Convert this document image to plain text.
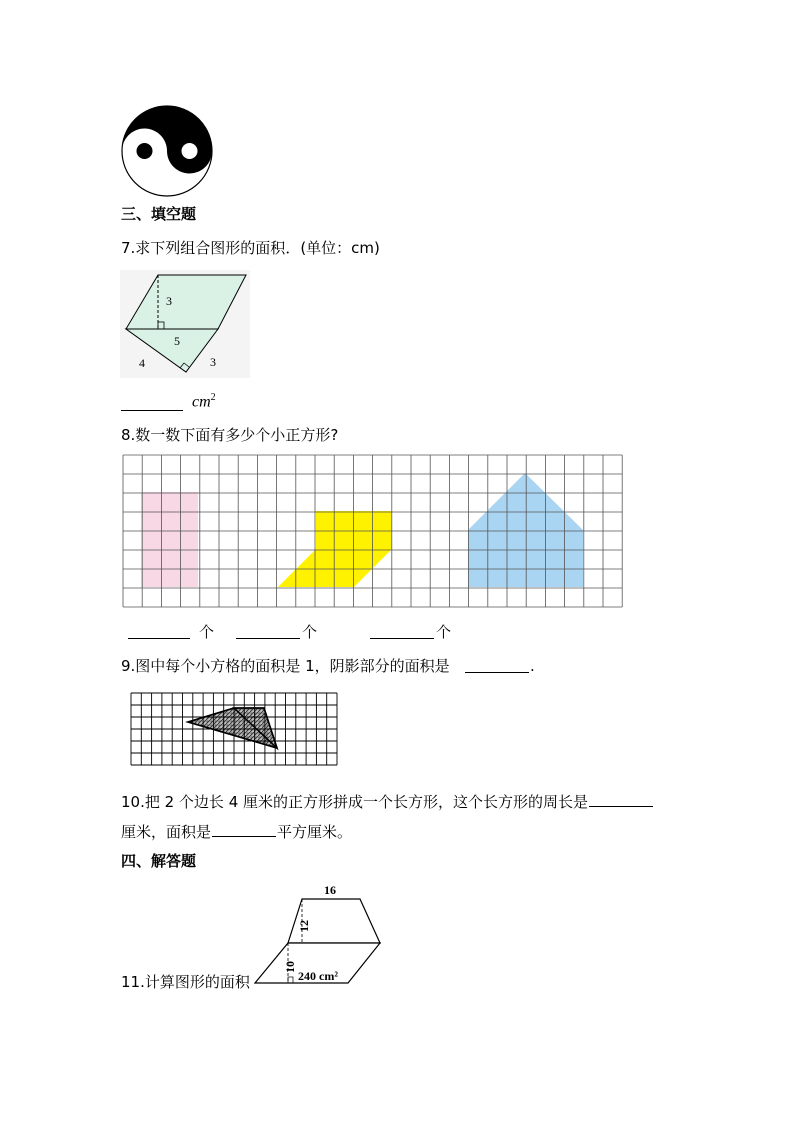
三、填空题
7.求下列组合图形的面积．(单位：cm)
3
5
4	3
$cm^2$
8.数一数下面有多少个小正方形?
个	个	个
9.图中每个小方格的面积是 1，阴影部分的面积是	.
10.把 2 个边长 4 厘米的正方形拼成一个长方形，这个长方形的周长是
厘米，面积是	平方厘米。
四、解答题
16
12
10
240 cm²
11.计算图形的面积
